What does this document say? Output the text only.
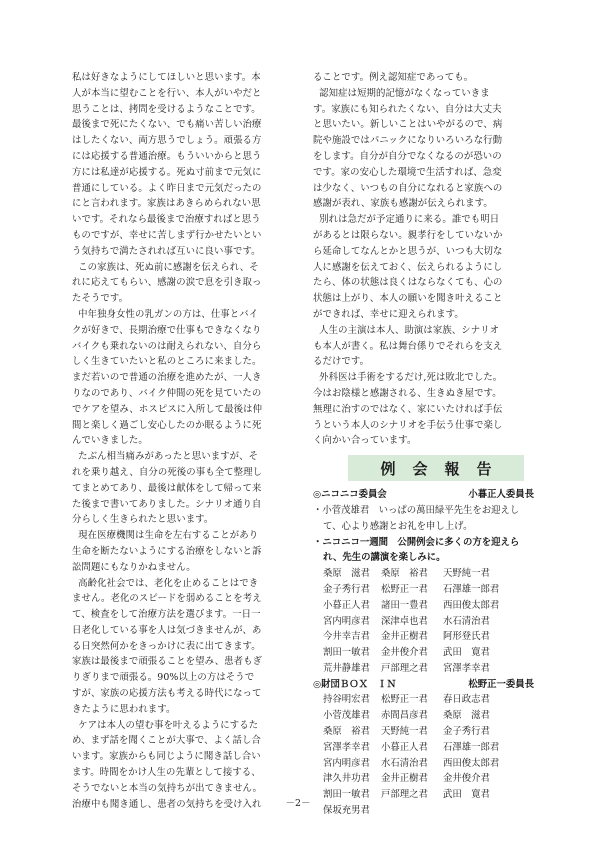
私は好きなようにしてほしいと思います。本

人が本当に望むことを行い、本人がいやだと

思うことは、拷問を受けるようなことです。

最後まで死にたくない、でも痛い苦しい治療

はしたくない、両方思うでしょう。頑張る方

には応援する普通治療。もういいからと思う

方には私達が応援する。死ぬ寸前まで元気に

普通にしている。よく昨日まで元気だったの

にと言われます。家族はあきらめられない思

いです。それなら最後まで治療すればと思う

ものですが、幸せに苦しまず行かせたいとい

う気持ちで満たされれば互いに良い事です。

この家族は、死ぬ前に感謝を伝えられ、そ

れに応えてもらい、感謝の涙で息を引き取っ

たそうです。

中年独身女性の乳ガンの方は、仕事とバイ

クが好きで、長期治療で仕事もできなくなり

バイクも乗れないのは耐えられない、自分ら

しく生きていたいと私のところに来ました。

まだ若いので普通の治療を進めたが、一人き

りなのであり、バイク仲間の死を見ていたの

でケアを望み、ホスピスに入所して最後は仲

間と楽しく過ごし安心したのか眠るように死

んでいきました。

たぶん相当痛みがあったと思いますが、そ

れを乗り越え、自分の死後の事も全て整理し

てまとめてあり、最後は献体をして帰って来

た後まで書いてありました。シナリオ通り自

分らしく生きられたと思います。

現在医療機関は生命を左右することがあり

生命を断たないようにする治療をしないと訴

訟問題にもなりかねません。

高齢化社会では、老化を止めることはでき

ません。老化のスピードを弱めることを考え

て、検査をして治療方法を選びます。一日一

日老化している事を人は気づきませんが、あ

る日突然何かをきっかけに表に出てきます。

家族は最後まで頑張ることを望み、患者もぎ

りぎりまで頑張る。90%以上の方はそうで

すが、家族の応援方法も考える時代になって

きたように思われます。

ケアは本人の望む事を叶えるようにするた

め、まず話を聞くことが大事で、よく話し合

います。家族からも同じように聞き話し合い

ます。時間をかけ人生の先輩として接する、

そうでないと本当の気持ちが出てきません。

治療中も聞き通し、患者の気持ちを受け入れ

ることです。例え認知症であっても。

認知症は短期的記憶がなくなっていきま

す。家族にも知られたくない、自分は大丈夫

と思いたい。新しいことはいやがるので、病

院や施設ではパニックになりいろいろな行動

をします。自分が自分でなくなるのが恐いの

です。家の安心した環境で生活すれば、急変

は少なく、いつもの自分になれると家族への

感謝が表れ、家族も感謝が伝えられます。

別れは急だが予定通りに来る。誰でも明日

があるとは限らない。親孝行をしていないか

ら延命してなんとかと思うが、いつも大切な

人に感謝を伝えておく、伝えられるようにし

たら、体の状態は良くはならなくても、心の

状態は上がり、本人の願いを聞き叶えること

ができれば、幸せに迎えられます。

人生の主演は本人、助演は家族、シナリオ

も本人が書く。私は舞台係りでそれらを支え

るだけです。

外科医は手術をするだけ,死は敗北でした。

今はお陰様と感謝される、生きぬき屋です。

無理に治すのではなく、家にいたければ手伝

うという本人のシナリオを手伝う仕事で楽し

く向かい合っています。

例会報告
◎ニコニコ委員会	小暮正人委員長
・小菅茂雄君　いっぱの萬田緑平先生をお迎えして、心より感謝とお礼を申し上げ。
・ニコニコ一週間　公開例会に多くの方を迎えられ、先生の講演を楽しみに。
桑原　滋君	桑原　裕君	天野純一君
金子秀行君	松野正一君	石澤雄一郎君
小暮正人君	諸田一豊君	西田俊太郎君
宮内明彦君	深津卓也君	水石清治君
今井幸吉君	金井正樹君	阿形登氏君
割田一敏君	金井俊介君	武田　寛君
荒井静雄君	戸部理之君	宮澤孝幸君
◎財団ＢＯＸ　ＩＮ	松野正一委員長
持谷明宏君	松野正一君	春日政志君
小菅茂雄君	赤間昌彦君	桑原　滋君
桑原　裕君	天野純一君	金子秀行君
宮澤孝幸君	小暮正人君	石澤雄一郎君
宮内明彦君	水石清治君	西田俊太郎君
津久井功君	金井正樹君	金井俊介君
割田一敏君	戸部理之君	武田　寛君
保坂充男君
－2－
